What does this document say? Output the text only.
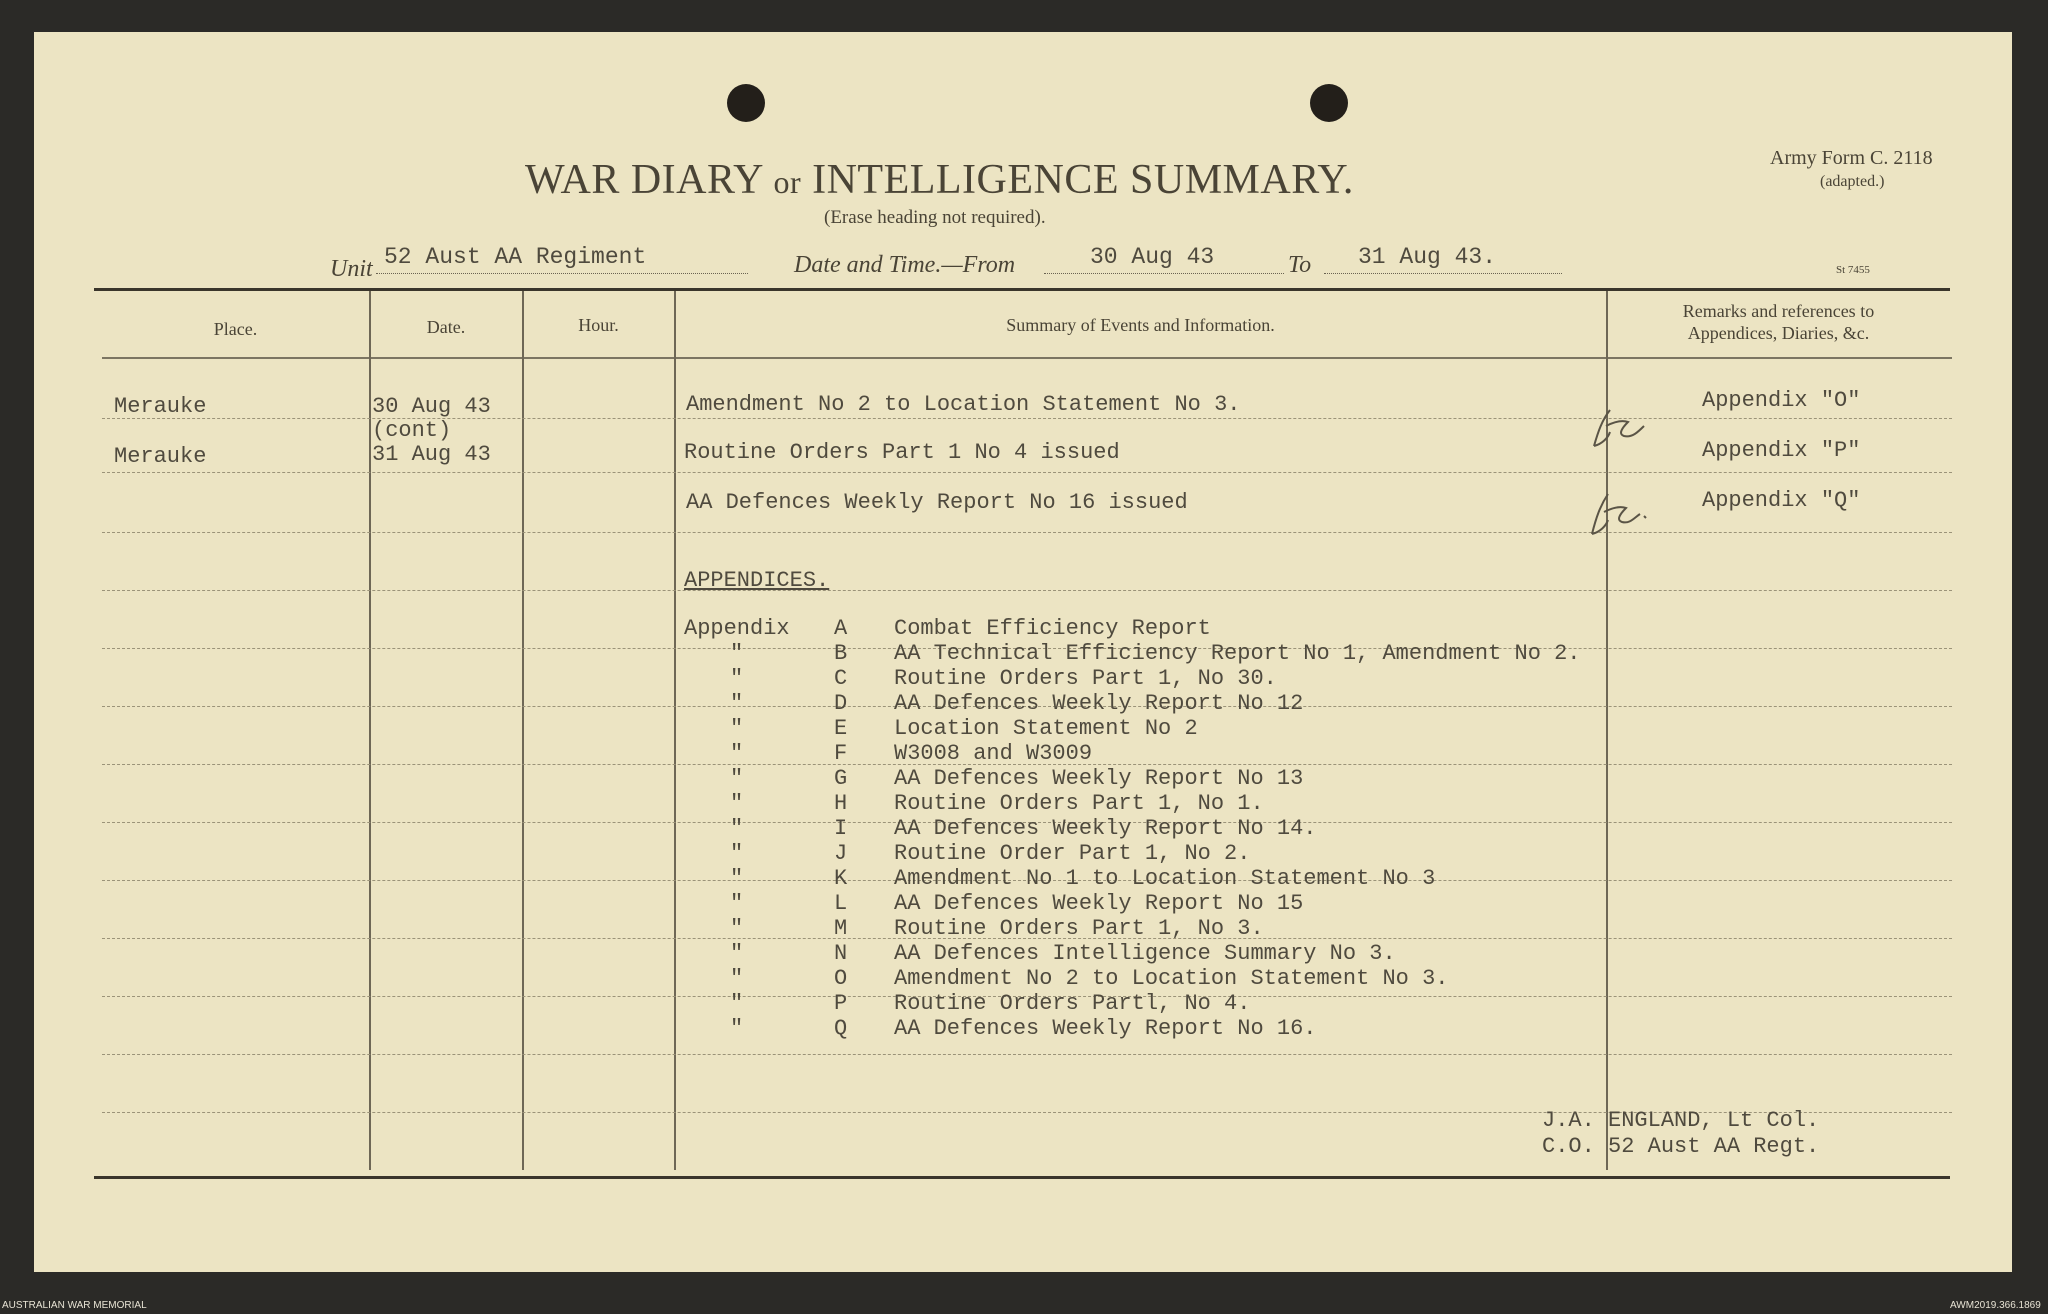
WAR DIARY or INTELLIGENCE SUMMARY.
(Erase heading not required).
Army Form C. 2118
(adapted.)
St 7455
Unit 52 Aust AA Regiment	Date and Time.—From	30 Aug 43	To	31 Aug 43.
Place.	Date.	Hour.	Summary of Events and Information.
Remarks and references to
Appendices, Diaries, &c.
Merauke	30 Aug 43	Amendment No 2 to Location Statement No 3.	Appendix "O"
(cont)
Merauke	31 Aug 43	Routine Orders Part 1 No 4 issued	Appendix "P"
AA Defences Weekly Report No 16 issued	Appendix "Q"
APPENDICES.
Appendix A Combat Efficiency Report
"	B AA Technical Efficiency Report No 1, Amendment No 2.
"	C Routine Orders Part 1, No 30.
"	D AA Defences Weekly Report No 12
"	E Location Statement No 2
"	F W3008 and W3009
"	G AA Defences Weekly Report No 13
"	H Routine Orders Part 1, No 1.
"	I AA Defences Weekly Report No 14.
"	J Routine Order Part 1, No 2.
"	K Amendment No 1 to Location Statement No 3
"	L AA Defences Weekly Report No 15
"	M Routine Orders Part 1, No 3.
"	N AA Defences Intelligence Summary No 3.
"	O Amendment No 2 to Location Statement No 3.
"	P Routine Orders Partl, No 4.
"	Q AA Defences Weekly Report No 16.
J.A. ENGLAND, Lt Col.
C.O. 52 Aust AA Regt.
AUSTRALIAN WAR MEMORIAL	AWM2019.366.1869
